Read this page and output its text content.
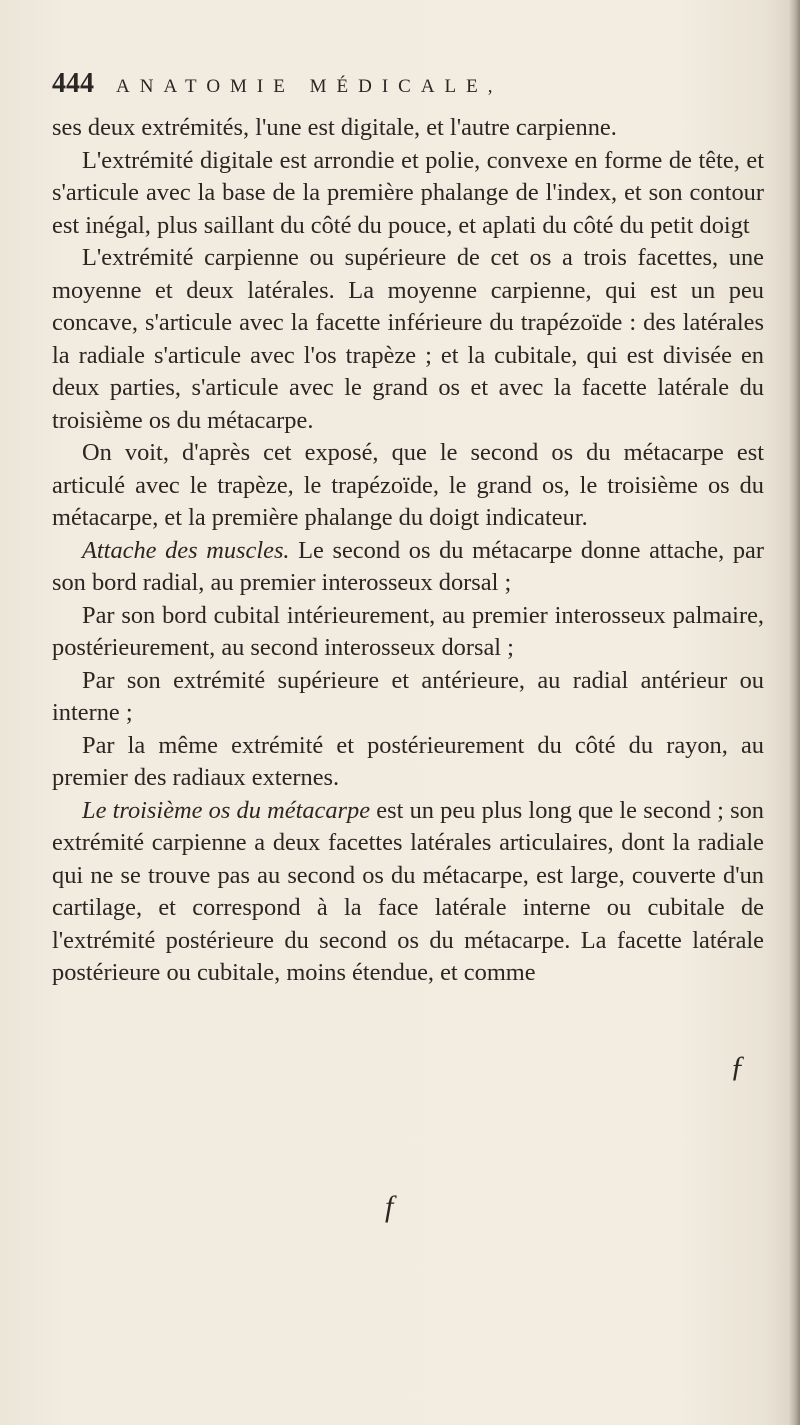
444 ANATOMIE MÉDICALE,

ses deux extrémités, l'une est digitale, et l'autre carpienne.

L'extrémité digitale est arrondie et polie, convexe en forme de tête, et s'articule avec la base de la première phalange de l'index, et son contour est inégal, plus saillant du côté du pouce, et aplati du côté du petit doigt

L'extrémité carpienne ou supérieure de cet os a trois facettes, une moyenne et deux latérales. La moyenne carpienne, qui est un peu concave, s'articule avec la facette inférieure du trapézoïde : des latérales la radiale s'articule avec l'os trapèze ; et la cubitale, qui est divisée en deux parties, s'articule avec le grand os et avec la facette latérale du troisième os du métacarpe.

On voit, d'après cet exposé, que le second os du métacarpe est articulé avec le trapèze, le trapézoïde, le grand os, le troisième os du métacarpe, et la première phalange du doigt indicateur.

Attache des muscles. Le second os du métacarpe donne attache, par son bord radial, au premier interosseux dorsal ;

Par son bord cubital intérieurement, au premier interosseux palmaire, postérieurement, au second interosseux dorsal ;

Par son extrémité supérieure et antérieure, au radial antérieur ou interne ;

Par la même extrémité et postérieurement du côté du rayon, au premier des radiaux externes.

Le troisième os du métacarpe est un peu plus long que le second ; son extrémité carpienne a deux facettes latérales articulaires, dont la radiale qui ne se trouve pas au second os du métacarpe, est large, couverte d'un cartilage, et correspond à la face latérale interne ou cubitale de l'extrémité postérieure du second os du métacarpe. La facette latérale postérieure ou cubitale, moins étendue, et comme

ƒ
f
